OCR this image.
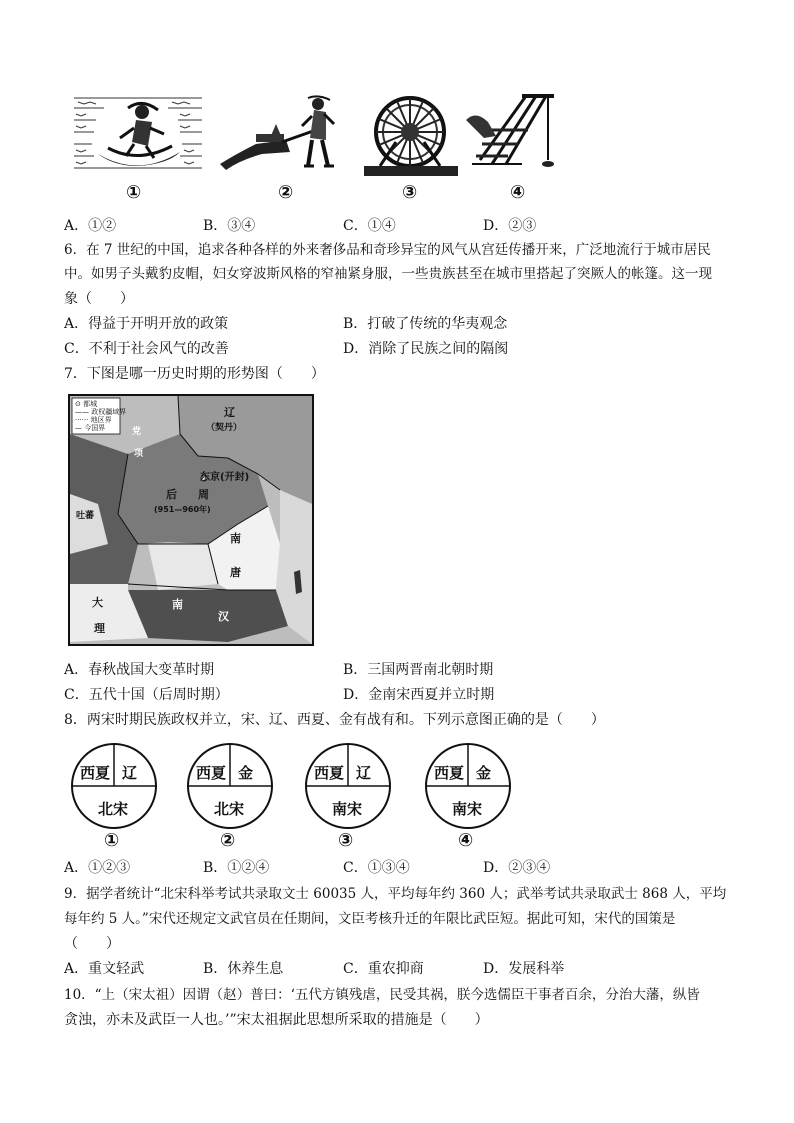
①	②	③	④
A．①②	B．③④	C．①④	D．②③
6．在 7 世纪的中国，追求各种各样的外来奢侈品和奇珍异宝的风气从宫廷传播开来，广泛地流行于城市居民
中。如男子头戴豹皮帽，妇女穿波斯风格的窄袖紧身服，一些贵族甚至在城市里搭起了突厥人的帐篷。这一现
象（　　）
A．得益于开明开放的政策	B．打破了传统的华夷观念
C．不利于社会风气的改善	D．消除了民族之间的隔阂
7．下图是哪一历史时期的形势图（　　）
⊙ 都城
—— 政权疆域界
······ 地区界
— 今国界
辽
（契丹）
东京(开封)
后 周
(951—960年)
党
项
吐蕃
南
唐
大
理
南
汉
A．春秋战国大变革时期	B．三国两晋南北朝时期
C．五代十国（后周时期）	D．金南宋西夏并立时期
8．两宋时期民族政权并立，宋、辽、西夏、金有战有和。下列示意图正确的是（　　）
西夏 辽
北宋
①
西夏 金
北宋
②
西夏 辽
南宋
③
西夏 金
南宋
④
A．①②③	B．①②④	C．①③④	D．②③④
9．据学者统计“北宋科举考试共录取文士 60035 人，平均每年约 360 人；武举考试共录取武士 868 人，平均
每年约 5 人。”宋代还规定文武官员在任期间，文臣考核升迁的年限比武臣短。据此可知，宋代的国策是
（　　）
A．重文轻武	B．休养生息	C．重农抑商	D．发展科举
10．“上（宋太祖）因谓（赵）普曰：‘五代方镇残虐，民受其祸，朕今选儒臣干事者百余，分治大藩，纵皆
贪浊，亦未及武臣一人也。’”宋太祖据此思想所采取的措施是（　　）
